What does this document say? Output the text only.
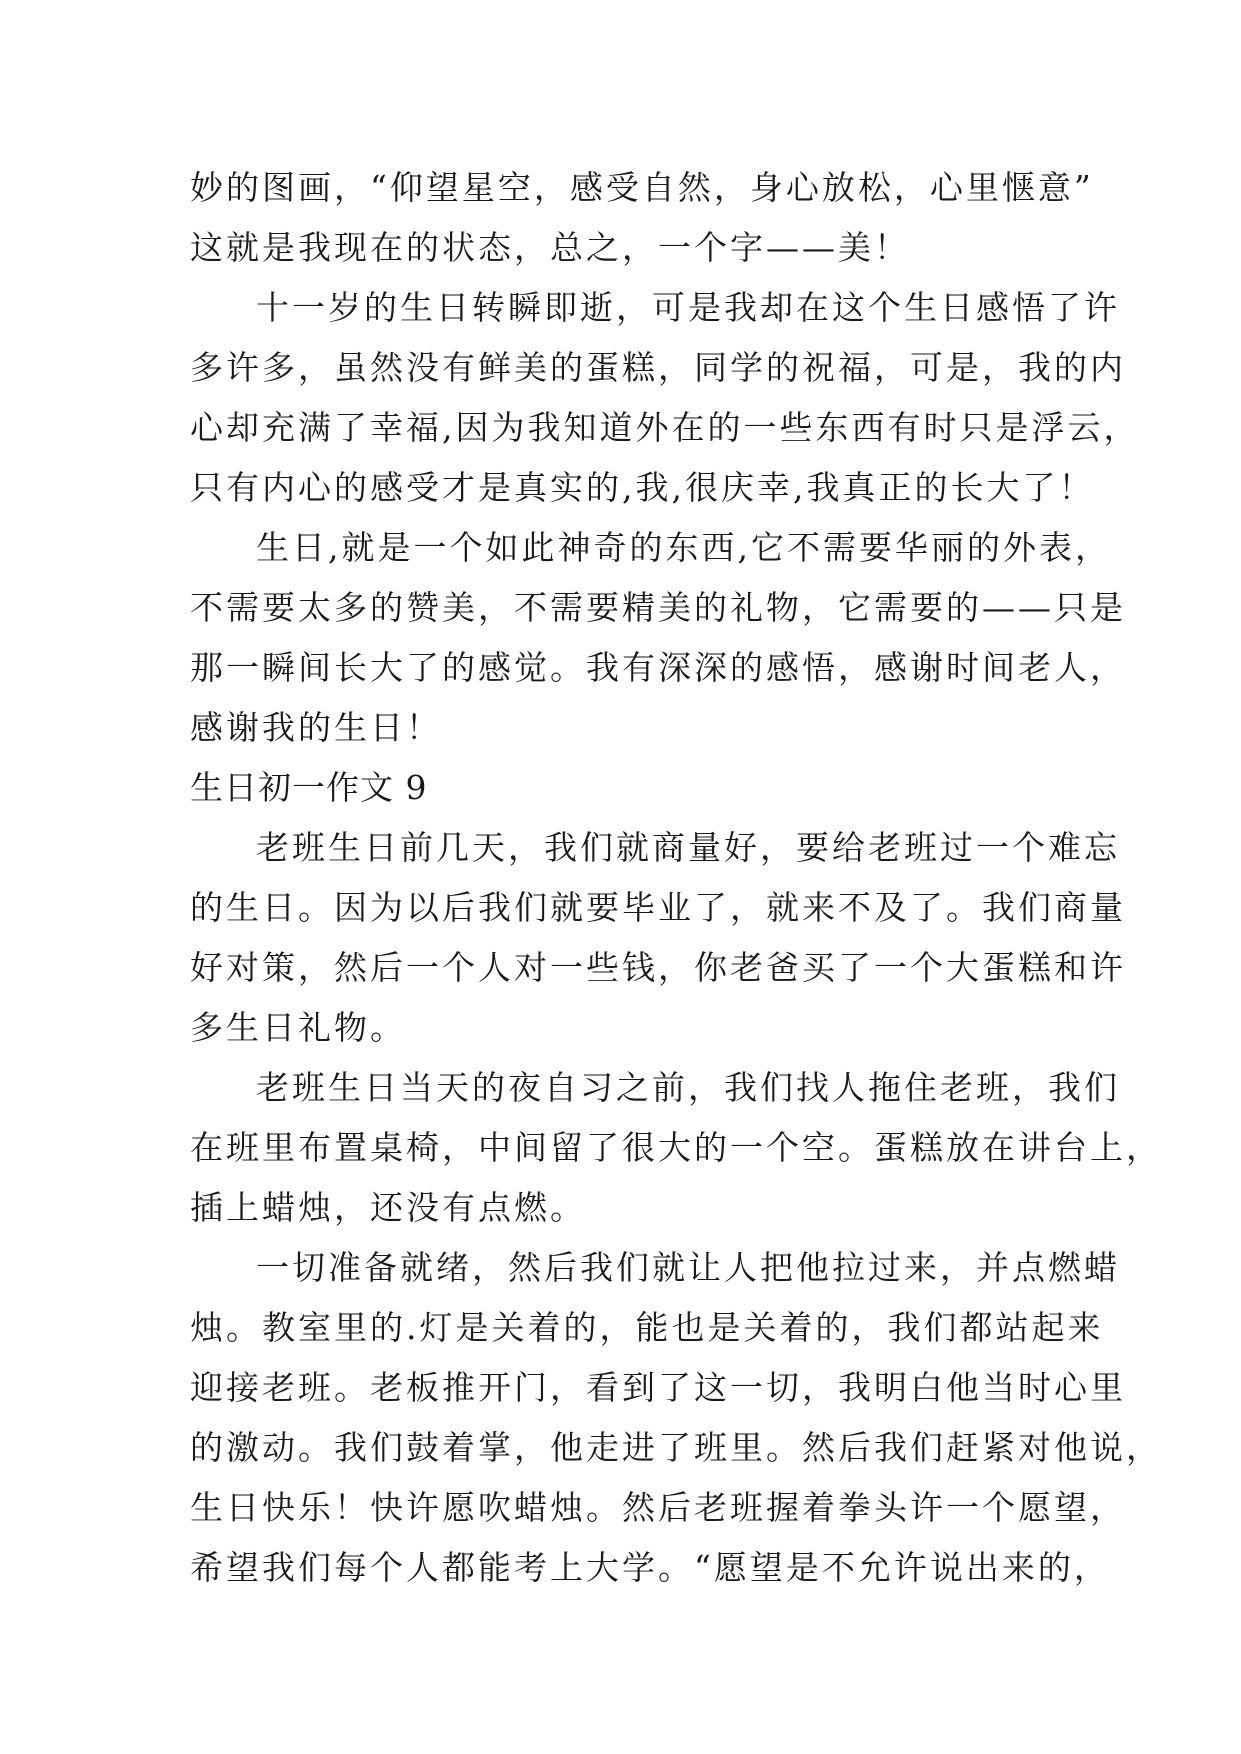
妙的图画，“仰望星空，感受自然，身心放松，心里惬意”
这就是我现在的状态，总之，一个字——美！
十一岁的生日转瞬即逝，可是我却在这个生日感悟了许
多许多，虽然没有鲜美的蛋糕，同学的祝福，可是，我的内
心却充满了幸福,因为我知道外在的一些东西有时只是浮云，
只有内心的感受才是真实的,我,很庆幸,我真正的长大了！
生日,就是一个如此神奇的东西,它不需要华丽的外表，
不需要太多的赞美，不需要精美的礼物，它需要的——只是
那一瞬间长大了的感觉。我有深深的感悟，感谢时间老人，
感谢我的生日！
生日初一作文 9
老班生日前几天，我们就商量好，要给老班过一个难忘
的生日。因为以后我们就要毕业了，就来不及了。我们商量
好对策，然后一个人对一些钱，你老爸买了一个大蛋糕和许
多生日礼物。
老班生日当天的夜自习之前，我们找人拖住老班，我们
在班里布置桌椅，中间留了很大的一个空。蛋糕放在讲台上，
插上蜡烛，还没有点燃。
一切准备就绪，然后我们就让人把他拉过来，并点燃蜡
烛。教室里的.灯是关着的，能也是关着的，我们都站起来
迎接老班。老板推开门，看到了这一切，我明白他当时心里
的激动。我们鼓着掌，他走进了班里。然后我们赶紧对他说，
生日快乐！快许愿吹蜡烛。然后老班握着拳头许一个愿望，
希望我们每个人都能考上大学。“愿望是不允许说出来的，
